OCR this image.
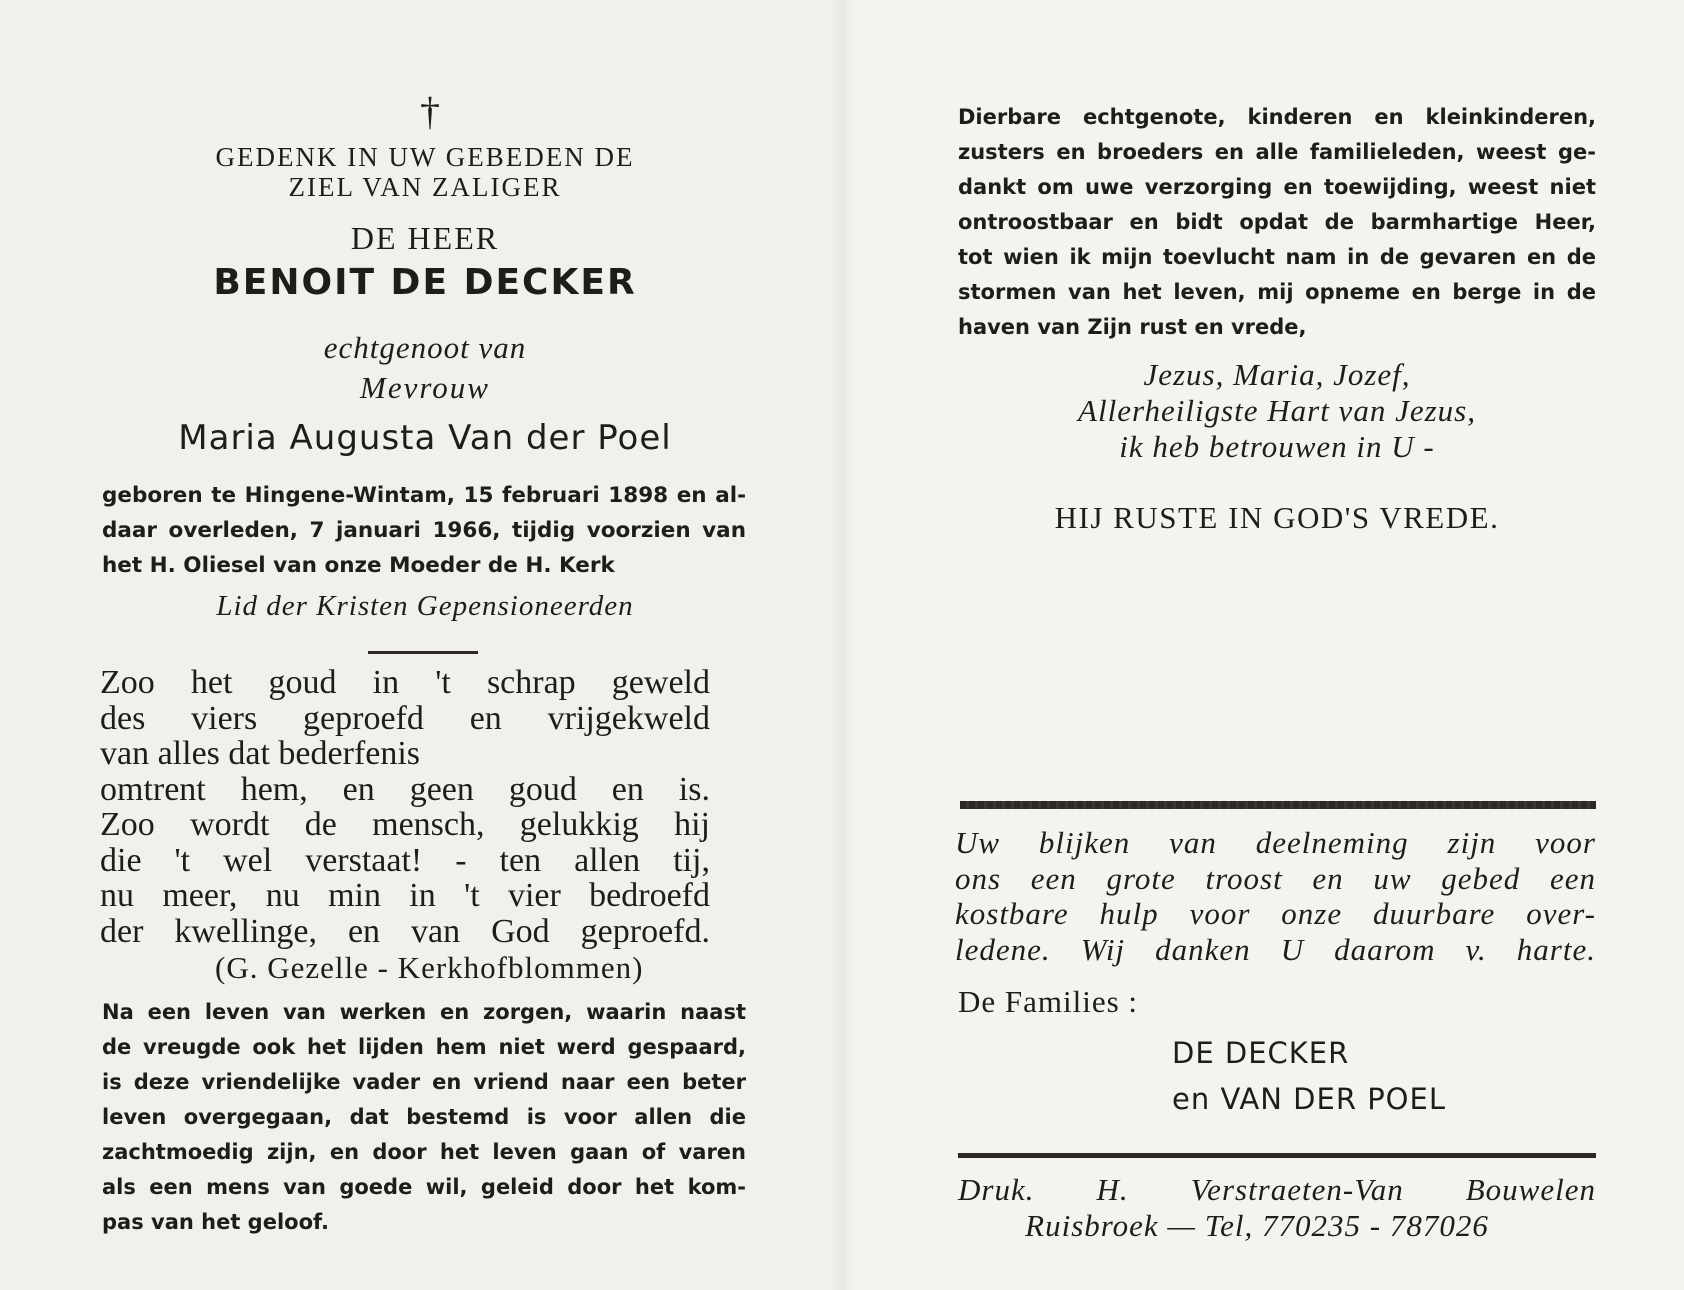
†

GEDENK IN UW GEBEDEN DE

ZIEL VAN ZALIGER

DE HEER

BENOIT DE DECKER

echtgenoot van

Mevrouw

Maria Augusta Van der Poel

geboren te Hingene-Wintam, 15 februari 1898 en al-
daar overleden, 7 januari 1966, tijdig voorzien van
het H. Oliesel van onze Moeder de H. Kerk

Lid der Kristen Gepensioneerden

Zoo het goud in 't schrap geweld
des viers geproefd en vrijgekweld
van alles dat bederfenis
omtrent hem, en geen goud en is.
Zoo wordt de mensch, gelukkig hij
die 't wel verstaat! - ten allen tij,
nu meer, nu min in 't vier bedroefd
der kwellinge, en van God geproefd.

(G. Gezelle - Kerkhofblommen)

Na een leven van werken en zorgen, waarin naast
de vreugde ook het lijden hem niet werd gespaard,
is deze vriendelijke vader en vriend naar een beter
leven overgegaan, dat bestemd is voor allen die
zachtmoedig zijn, en door het leven gaan of varen
als een mens van goede wil, geleid door het kom-
pas van het geloof.
Dierbare echtgenote, kinderen en kleinkinderen,
zusters en broeders en alle familieleden, weest ge-
dankt om uwe verzorging en toewijding, weest niet
ontroostbaar en bidt opdat de barmhartige Heer,
tot wien ik mijn toevlucht nam in de gevaren en de
stormen van het leven, mij opneme en berge in de
haven van Zijn rust en vrede,
Jezus, Maria, Jozef,
Allerheiligste Hart van Jezus,
ik heb betrouwen in U -

HIJ RUSTE IN GOD'S VREDE.

Uw blijken van deelneming zijn voor
ons een grote troost en uw gebed een
kostbare hulp voor onze duurbare over-
ledene. Wij danken U daarom v. harte.

De Families :

DE DECKER

en VAN DER POEL

Druk. H. Verstraeten-Van Bouwelen
Ruisbroek — Tel, 770235 - 787026
